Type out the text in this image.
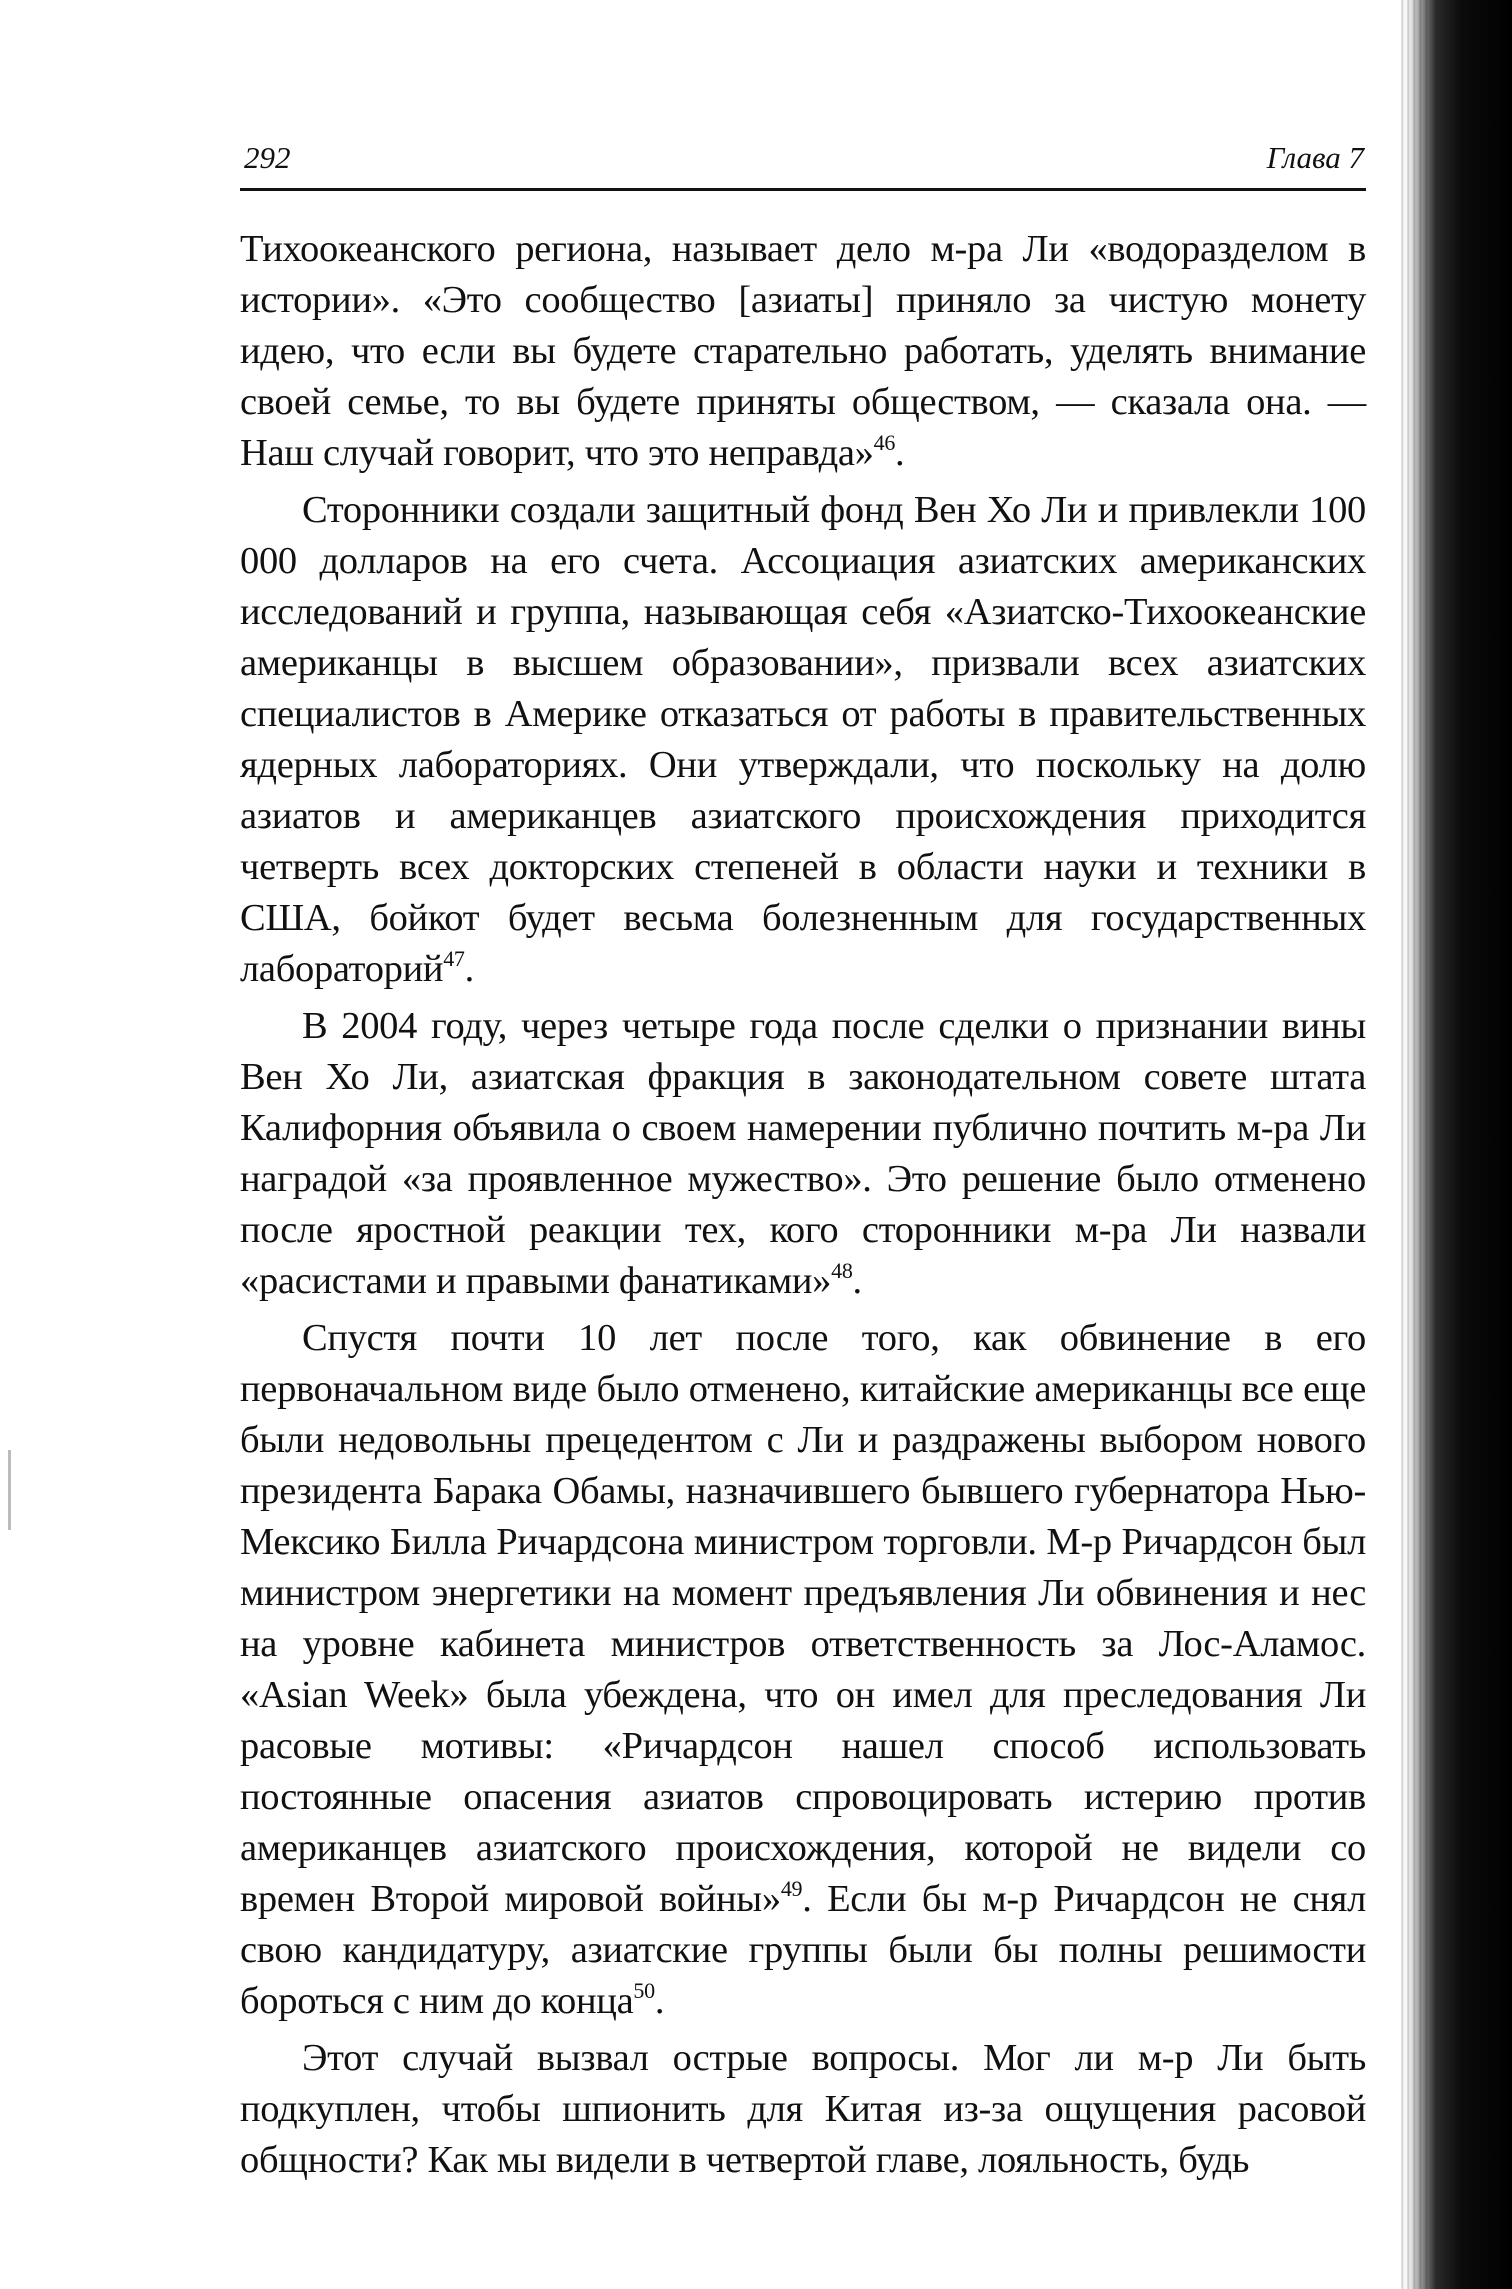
292	Глава 7

Тихоокеанского региона, называет дело м-ра Ли «водоразделом в истории». «Это сообщество [азиаты] приняло за чистую монету идею, что если вы будете старательно работать, уделять внимание своей семье, то вы будете приняты обществом, — сказала она. — Наш случай говорит, что это неправда»$^{46}$.

Сторонники создали защитный фонд Вен Хо Ли и привлекли 100 000 долларов на его счета. Ассоциация азиатских американских исследований и группа, называющая себя «Азиатско-Тихоокеанские американцы в высшем образовании», призвали всех азиатских специалистов в Америке отказаться от работы в правительственных ядерных лабораториях. Они утверждали, что поскольку на долю азиатов и американцев азиатского происхождения приходится четверть всех докторских степеней в области науки и техники в США, бойкот будет весьма болезненным для государственных лабораторий$^{47}$.

В 2004 году, через четыре года после сделки о признании вины Вен Хо Ли, азиатская фракция в законодательном совете штата Калифорния объявила о своем намерении публично почтить м-ра Ли наградой «за проявленное мужество». Это решение было отменено после яростной реакции тех, кого сторонники м-ра Ли назвали «расистами и правыми фанатиками»$^{48}$.

Спустя почти 10 лет после того, как обвинение в его первоначальном виде было отменено, китайские американцы все еще были недовольны прецедентом с Ли и раздражены выбором нового президента Барака Обамы, назначившего бывшего губернатора Нью-Мексико Билла Ричардсона министром торговли. М-р Ричардсон был министром энергетики на момент предъявления Ли обвинения и нес на уровне кабинета министров ответственность за Лос-Аламос. «Asian Week» была убеждена, что он имел для преследования Ли расовые мотивы: «Ричардсон нашел способ использовать постоянные опасения азиатов спровоцировать истерию против американцев азиатского происхождения, которой не видели со времен Второй мировой войны»$^{49}$. Если бы м-р Ричардсон не снял свою кандидатуру, азиатские группы были бы полны решимости бороться с ним до конца$^{50}$.

Этот случай вызвал острые вопросы. Мог ли м-р Ли быть подкуплен, чтобы шпионить для Китая из-за ощущения расовой общности? Как мы видели в четвертой главе, лояльность, будь
